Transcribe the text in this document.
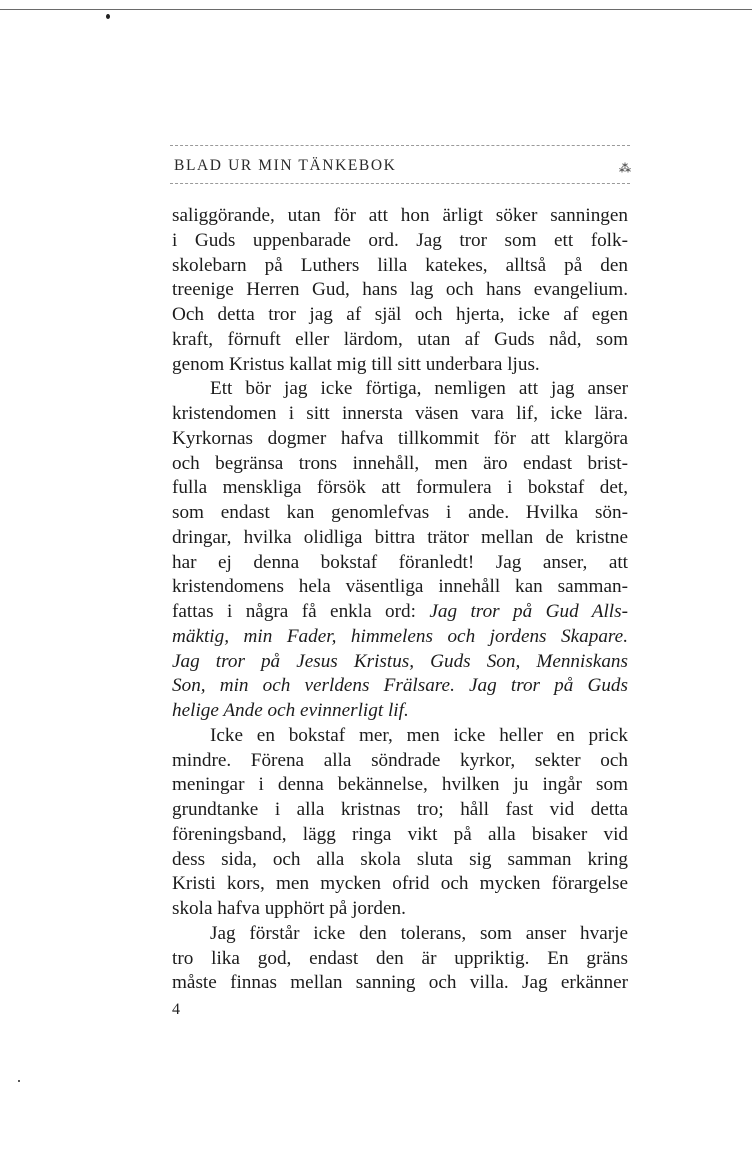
BLAD UR MIN TÄNKEBOK	⁂
saliggörande, utan för att hon ärligt söker sanningen
i Guds uppenbarade ord. Jag tror som ett folk-
skolebarn på Luthers lilla katekes, alltså på den
treenige Herren Gud, hans lag och hans evangelium.
Och detta tror jag af själ och hjerta, icke af egen
kraft, förnuft eller lärdom, utan af Guds nåd, som
genom Kristus kallat mig till sitt underbara ljus.
Ett bör jag icke förtiga, nemligen att jag anser
kristendomen i sitt innersta väsen vara lif, icke lära.
Kyrkornas dogmer hafva tillkommit för att klargöra
och begränsa trons innehåll, men äro endast brist-
fulla menskliga försök att formulera i bokstaf det,
som endast kan genomlefvas i ande. Hvilka sön-
dringar, hvilka olidliga bittra trätor mellan de kristne
har ej denna bokstaf föranledt! Jag anser, att
kristendomens hela väsentliga innehåll kan samman-
fattas i några få enkla ord: Jag tror på Gud Alls-
mäktig, min Fader, himmelens och jordens Skapare.
Jag tror på Jesus Kristus, Guds Son, Menniskans
Son, min och verldens Frälsare. Jag tror på Guds
helige Ande och evinnerligt lif.
Icke en bokstaf mer, men icke heller en prick
mindre. Förena alla söndrade kyrkor, sekter och
meningar i denna bekännelse, hvilken ju ingår som
grundtanke i alla kristnas tro; håll fast vid detta
föreningsband, lägg ringa vikt på alla bisaker vid
dess sida, och alla skola sluta sig samman kring
Kristi kors, men mycken ofrid och mycken förargelse
skola hafva upphört på jorden.
Jag förstår icke den tolerans, som anser hvarje
tro lika god, endast den är uppriktig. En gräns
måste finnas mellan sanning och villa. Jag erkänner
4
